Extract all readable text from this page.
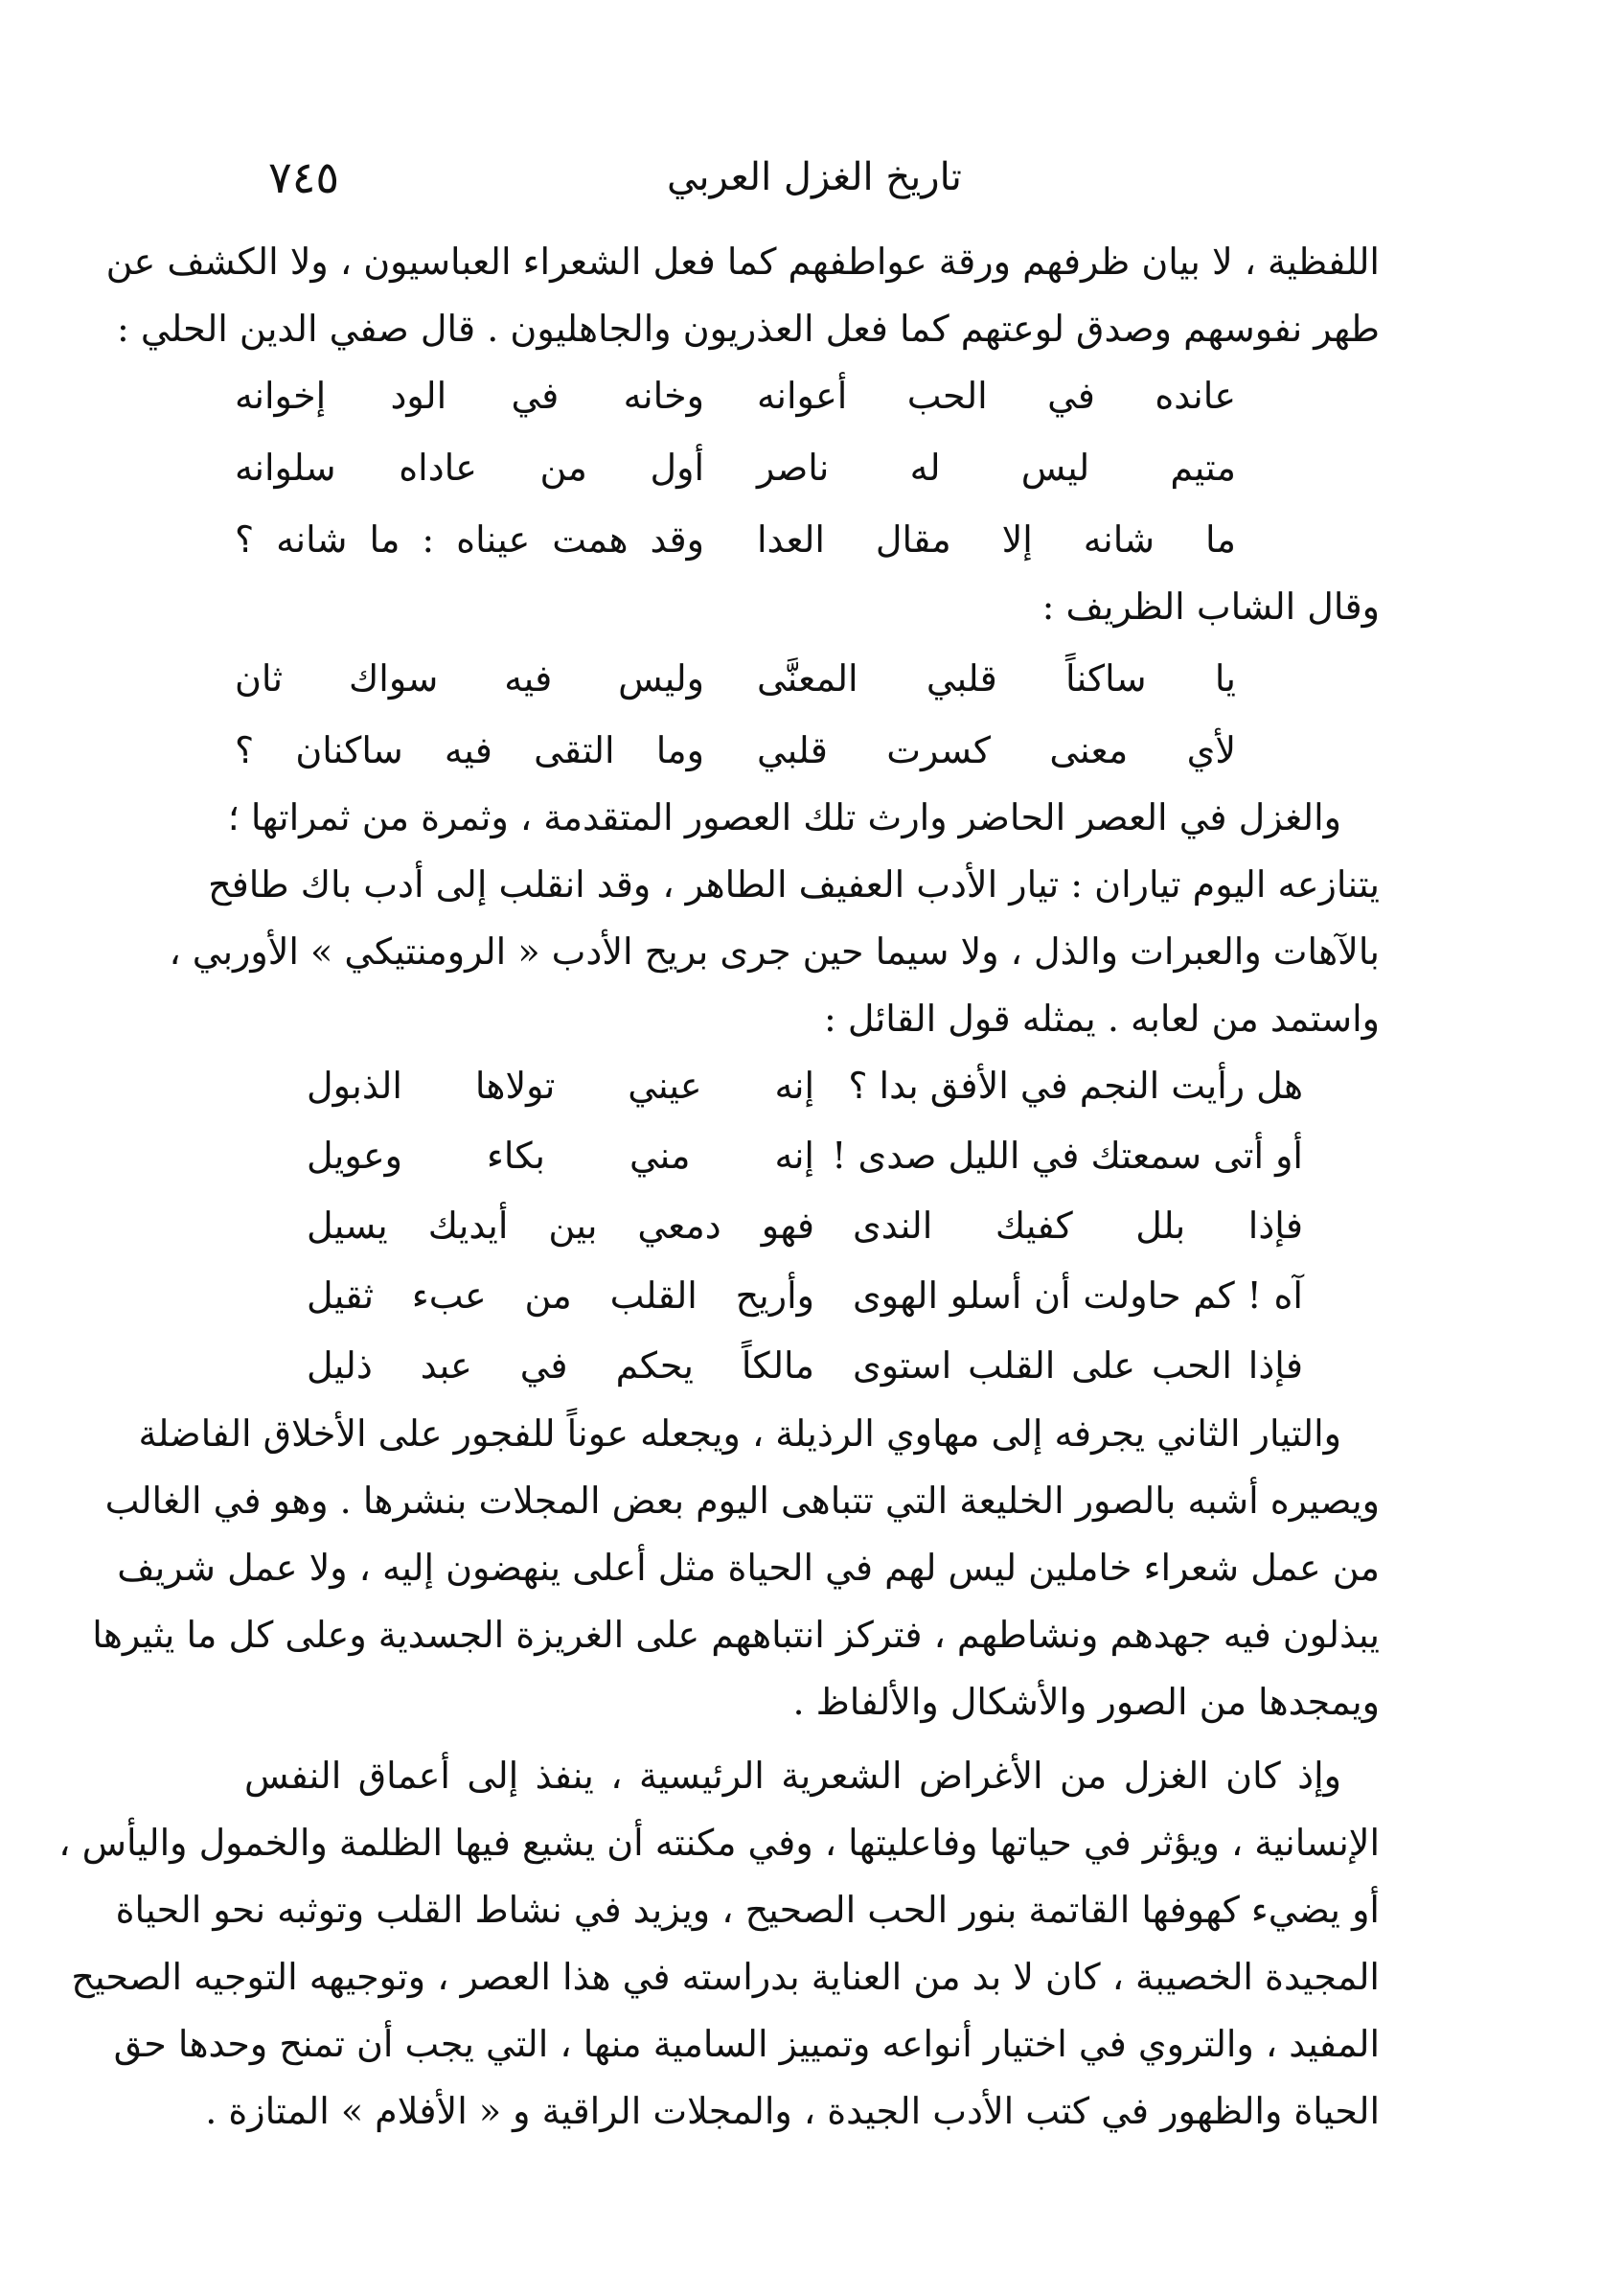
تاريخ الغزل العربي
٧٤٥
اللفظية ، لا بيان ظرفهم ورقة عواطفهم كما فعل الشعراء العباسيون ، ولا الكشف عن
طهر نفوسهم وصدق لوعتهم كما فعل العذريون والجاهليون . قال صفي الدين الحلي :
عانده في الحب أعوانه
وخانه في الود إخوانه
متيم ليس له ناصر
أول من عاداه سلوانه
ما شانه إلا مقال العدا
وقد همت عيناه : ما شانه ؟
وقال الشاب الظريف :
يا ساكناً قلبي المعنَّى
وليس فيه سواك ثان
لأي معنى كسرت قلبي
وما التقى فيه ساكنان ؟
والغزل في العصر الحاضر وارث تلك العصور المتقدمة ، وثمرة من ثمراتها ؛
يتنازعه اليوم تياران : تيار الأدب العفيف الطاهر ، وقد انقلب إلى أدب باك طافح
بالآهات والعبرات والذل ، ولا سيما حين جرى بريح الأدب « الرومنتيكي » الأوربي ،
واستمد من لعابه . يمثله قول القائل :
هل رأيت النجم في الأفق بدا ؟
إنه عيني تولاها الذبول
أو أتى سمعتك في الليل صدى !
إنه مني بكاء وعويل
فإذا بلل كفيك الندى
فهو دمعي بين أيديك يسيل
آه ! كم حاولت أن أسلو الهوى
وأريح القلب من عبء ثقيل
فإذا الحب على القلب استوى
مالكاً يحكم في عبد ذليل
والتيار الثاني يجرفه إلى مهاوي الرذيلة ، ويجعله عوناً للفجور على الأخلاق الفاضلة
ويصيره أشبه بالصور الخليعة التي تتباهى اليوم بعض المجلات بنشرها . وهو في الغالب
من عمل شعراء خاملين ليس لهم في الحياة مثل أعلى ينهضون إليه ، ولا عمل شريف
يبذلون فيه جهدهم ونشاطهم ، فتركز انتباههم على الغريزة الجسدية وعلى كل ما يثيرها
ويمجدها من الصور والأشكال والألفاظ .
وإذ كان الغزل من الأغراض الشعرية الرئيسية ، ينفذ إلى أعماق النفس
الإنسانية ، ويؤثر في حياتها وفاعليتها ، وفي مكنته أن يشيع فيها الظلمة والخمول واليأس ،
أو يضيء كهوفها القاتمة بنور الحب الصحيح ، ويزيد في نشاط القلب وتوثبه نحو الحياة
المجيدة الخصيبة ، كان لا بد من العناية بدراسته في هذا العصر ، وتوجيهه التوجيه الصحيح
المفيد ، والتروي في اختيار أنواعه وتمييز السامية منها ، التي يجب أن تمنح وحدها حق
الحياة والظهور في كتب الأدب الجيدة ، والمجلات الراقية و « الأفلام » المتازة .
